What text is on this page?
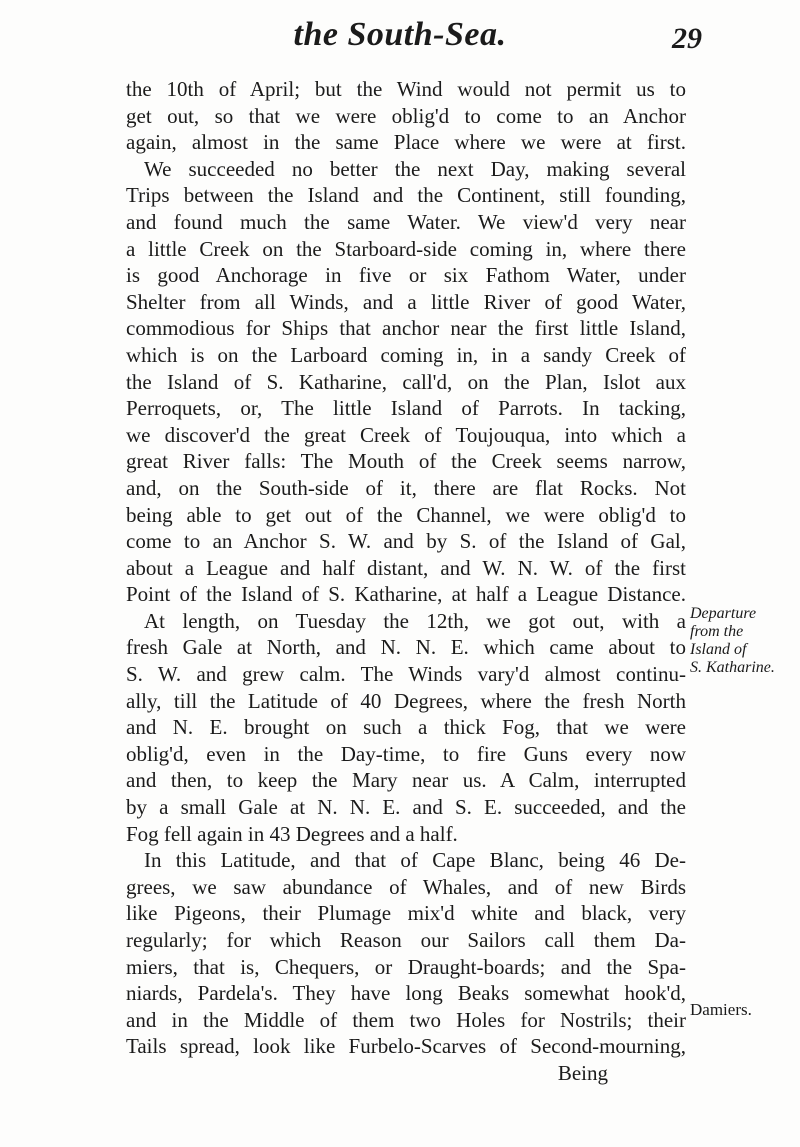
the South-Sea.	29
the 10th of April; but the Wind would not permit us to
get out, so that we were oblig'd to come to an Anchor
again, almost in the same Place where we were at first.
We succeeded no better the next Day, making several
Trips between the Island and the Continent, still founding,
and found much the same Water. We view'd very near
a little Creek on the Starboard-side coming in, where there
is good Anchorage in five or six Fathom Water, under
Shelter from all Winds, and a little River of good Water,
commodious for Ships that anchor near the first little Island,
which is on the Larboard coming in, in a sandy Creek of
the Island of S. Katharine, call'd, on the Plan, Islot aux
Perroquets, or, The little Island of Parrots. In tacking,
we discover'd the great Creek of Toujouqua, into which a
great River falls: The Mouth of the Creek seems narrow,
and, on the South-side of it, there are flat Rocks. Not
being able to get out of the Channel, we were oblig'd to
come to an Anchor S. W. and by S. of the Island of Gal,
about a League and half distant, and W. N. W. of the first
Point of the Island of S. Katharine, at half a League Distance.
At length, on Tuesday the 12th, we got out, with a
fresh Gale at North, and N. N. E. which came about to
S. W. and grew calm. The Winds vary'd almost continu-
ally, till the Latitude of 40 Degrees, where the fresh North
and N. E. brought on such a thick Fog, that we were
oblig'd, even in the Day-time, to fire Guns every now
and then, to keep the Mary near us. A Calm, interrupted
by a small Gale at N. N. E. and S. E. succeeded, and the
Fog fell again in 43 Degrees and a half.
In this Latitude, and that of Cape Blanc, being 46 De-
grees, we saw abundance of Whales, and of new Birds
like Pigeons, their Plumage mix'd white and black, very
regularly; for which Reason our Sailors call them Da-
miers, that is, Chequers, or Draught-boards; and the Spa-
niards, Pardela's. They have long Beaks somewhat hook'd,
and in the Middle of them two Holes for Nostrils; their
Tails spread, look like Furbelo-Scarves of Second-mourning,
Being
Departure
from the
Island of
S. Katharine.
Damiers.
